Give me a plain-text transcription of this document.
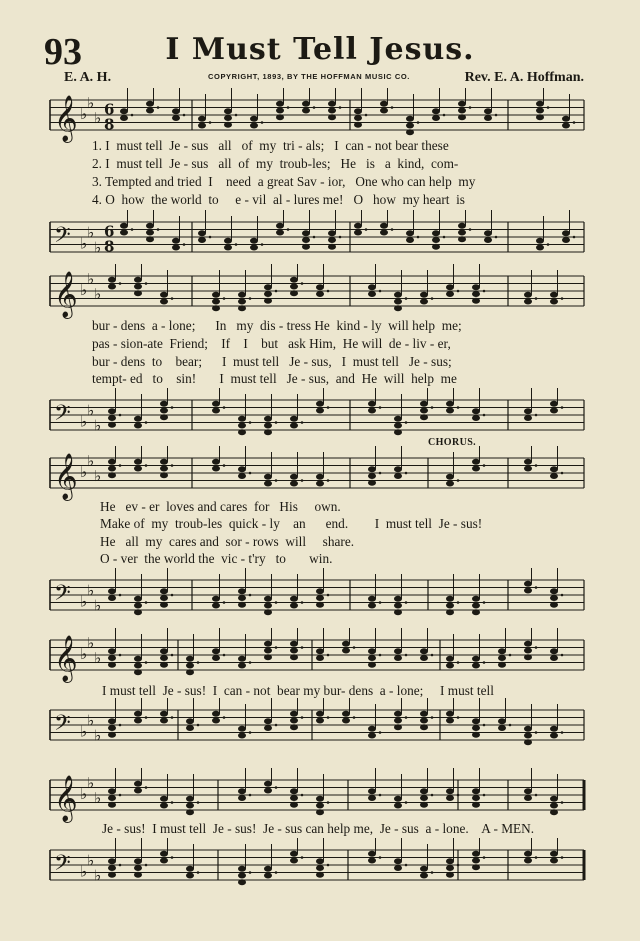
93	I Must Tell Jesus.
E. A. H.	COPYRIGHT, 1893, BY THE HOFFMAN MUSIC CO.	Rev. E. A. Hoffman.
CHORUS.
𝄞 ♭
♭
♭ 6
8
1. I  must tell  Je - sus   all   of  my  tri - als;   I  can - not bear these
2. I  must tell  Je - sus   all  of  my  troub-les;   He   is   a  kind,  com-
3. Tempted and tried  I    need  a great Sav - ior,   One who can help  my
4. O  how  the world  to     e - vil  al - lures me!   O   how  my heart  is
𝄢 ♭
♭
♭
6
8
𝄞 ♭
♭
♭
bur - dens  a - lone;      In   my  dis - tress He  kind - ly  will help  me;
pas - sion-ate  Friend;    If    I    but   ask Him,  He will  de - liv - er,
bur - dens  to    bear;      I  must tell   Je - sus,   I  must tell   Je - sus;
tempt- ed   to    sin!       I  must tell   Je - sus,  and  He  will  help  me
𝄢 ♭
♭
♭
𝄞 ♭
♭
♭
He   ev - er  loves and cares  for   His     own.
Make of  my  troub-les  quick - ly    an      end.        I  must tell  Je - sus!
He   all  my  cares and  sor - rows  will     share.
O - ver  the world the  vic - t'ry   to       win.
𝄢 ♭
♭
♭
𝄞 ♭
♭
♭
I must tell  Je - sus!  I  can - not  bear my bur- dens  a - lone;     I must tell
𝄢 ♭
♭
♭
𝄞 ♭
♭
♭
Je - sus!  I must tell  Je - sus!  Je - sus can help me,  Je - sus  a - lone.    A - MEN.
𝄢 ♭
♭
♭
